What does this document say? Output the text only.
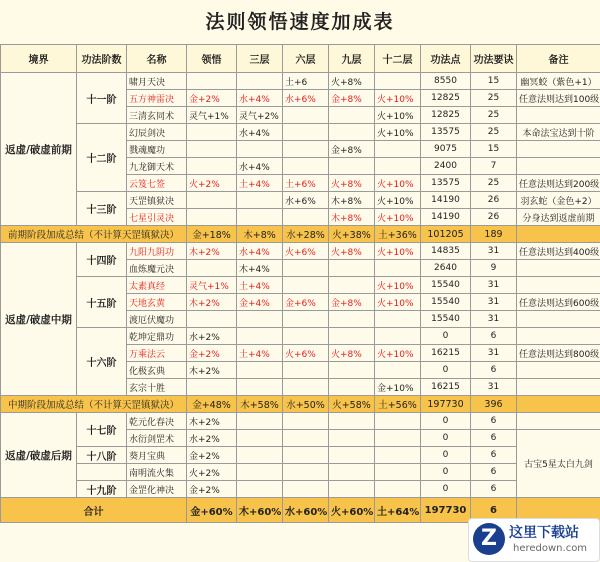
法则领悟速度加成表
境界	功法阶数	名称	领悟	三层	六层	九层	十二层	功法点	功法要诀	备注
返虚/破虚前期	十一阶	啸月天决			土+6	火+8%		8550	15	幽冥蛟（紫色+1）
		五方神雷决	金+2%	水+4%	水+6%	金+8%	火+10%	12825	25	任意法则达到100级
		三清玄同术	灵气+1%	灵气+2%			火+10%	12825	25	
	十二阶	幻辰剑决		水+4%			火+10%	13575	25	本命法宝达到十阶
		戮魂魔功				金+8%		9075	15	
		九龙御天术		水+4%				2400	7	
		云笈七签	火+2%	土+4%	土+6%	火+8%	火+10%	13575	25	任意法则达到200级
	十三阶	天罡镇狱决			水+6%	木+8%	火+10%	14190	26	羽玄蛇（金色+2）
		七星引灵决				木+8%	火+10%	14190	26	分身达到返虚前期
前期阶段加成总结（不计算天罡镇狱决）			金+18%	木+8%	水+28%	火+38%	土+36%	101205	189	
返虚/破虚中期	十四阶	九阳九阴功	木+2%	水+4%	火+6%	火+8%	火+10%	14835	31	任意法则达到400级
		血炼魔元决		木+4%				2640	9	
	十五阶	太素真经	灵气+1%	土+4%			火+10%	15540	31	
		天地玄黄	木+2%	金+4%	金+6%	金+8%	火+10%	15540	31	任意法则达到600级
		渡厄伏魔功						15540	31	
	十六阶	乾坤定鼎功	水+2%					0	6	
		万乘法云	金+2%	土+4%	火+6%	火+8%	火+10%	16215	31	任意法则达到800级
		化极玄典	木+2%					0	6	
		玄宗十胜					金+10%	16215	31	
中期阶段加成总结（不计算天罡镇狱决）			金+48%	木+58%	水+50%	火+58%	土+56%	197730	396	
返虚/破虚后期	十七阶	乾元化春决	木+2%					0	6	
		水衍剑罡术	水+2%					0	6	古宝5星太白九剑
	十八阶	葵月宝典	金+2%					0	6	
		南明流火集	火+2%					0	6	
	十九阶	金罡化神决	金+2%					0	6	
合计			金+60%	木+60%	水+60%	火+60%	土+64%	197730	6	
Z 这里下载站
heredown.com
